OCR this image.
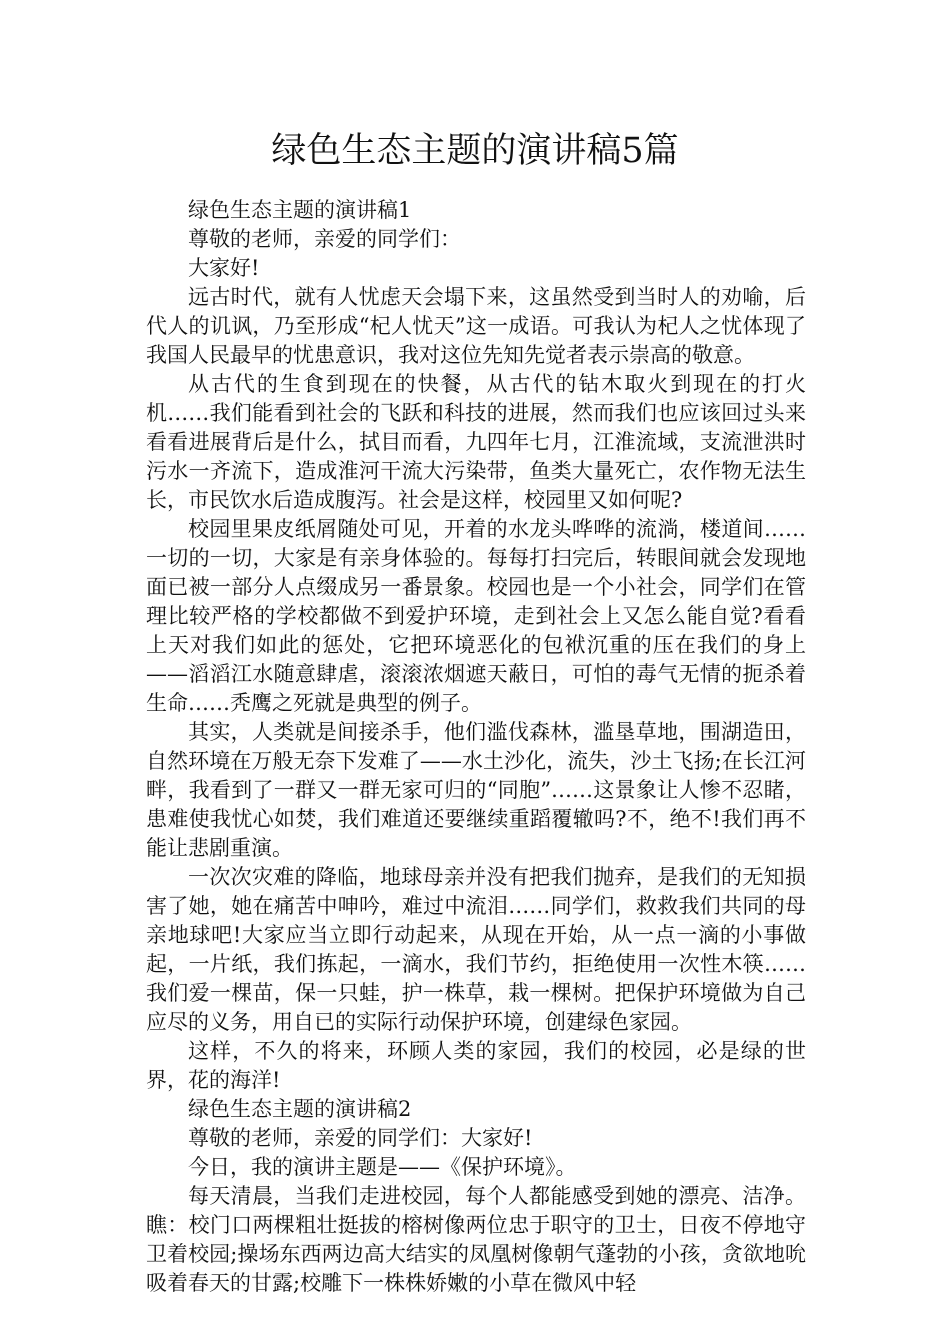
绿色生态主题的演讲稿5篇

绿色生态主题的演讲稿1

尊敬的老师，亲爱的同学们：

大家好!

远古时代，就有人忧虑天会塌下来，这虽然受到当时人的劝喻，后代人的讥讽，乃至形成“杞人忧天”这一成语。可我认为杞人之忧体现了我国人民最早的忧患意识，我对这位先知先觉者表示崇高的敬意。

从古代的生食到现在的快餐，从古代的钻木取火到现在的打火机……我们能看到社会的飞跃和科技的进展，然而我们也应该回过头来看看进展背后是什么，拭目而看，九四年七月，江淮流域，支流泄洪时污水一齐流下，造成淮河干流大污染带，鱼类大量死亡，农作物无法生长，市民饮水后造成腹泻。社会是这样，校园里又如何呢?

校园里果皮纸屑随处可见，开着的水龙头哗哗的流淌，楼道间……一切的一切，大家是有亲身体验的。每每打扫完后，转眼间就会发现地面已被一部分人点缀成另一番景象。校园也是一个小社会，同学们在管理比较严格的学校都做不到爱护环境，走到社会上又怎么能自觉?看看上天对我们如此的惩处，它把环境恶化的包袱沉重的压在我们的身上——滔滔江水随意肆虐，滚滚浓烟遮天蔽日，可怕的毒气无情的扼杀着生命……秃鹰之死就是典型的例子。

其实，人类就是间接杀手，他们滥伐森林，滥垦草地，围湖造田，自然环境在万般无奈下发难了——水土沙化，流失，沙土飞扬;在长江河畔，我看到了一群又一群无家可归的“同胞”……这景象让人惨不忍睹，患难使我忧心如焚，我们难道还要继续重蹈覆辙吗?不，绝不!我们再不能让悲剧重演。

一次次灾难的降临，地球母亲并没有把我们抛弃，是我们的无知损害了她，她在痛苦中呻吟，难过中流泪……同学们，救救我们共同的母亲地球吧!大家应当立即行动起来，从现在开始，从一点一滴的小事做起，一片纸，我们拣起，一滴水，我们节约，拒绝使用一次性木筷……我们爱一棵苗，保一只蛙，护一株草，栽一棵树。把保护环境做为自己应尽的义务，用自已的实际行动保护环境，创建绿色家园。

这样，不久的将来，环顾人类的家园，我们的校园，必是绿的世界，花的海洋!

绿色生态主题的演讲稿2

尊敬的老师，亲爱的同学们：大家好!

今日，我的演讲主题是——《保护环境》。

每天清晨，当我们走进校园，每个人都能感受到她的漂亮、洁净。瞧：校门口两棵粗壮挺拔的榕树像两位忠于职守的卫士，日夜不停地守卫着校园;操场东西两边高大结实的凤凰树像朝气蓬勃的小孩，贪欲地吮吸着春天的甘露;校雕下一株株娇嫩的小草在微风中轻
